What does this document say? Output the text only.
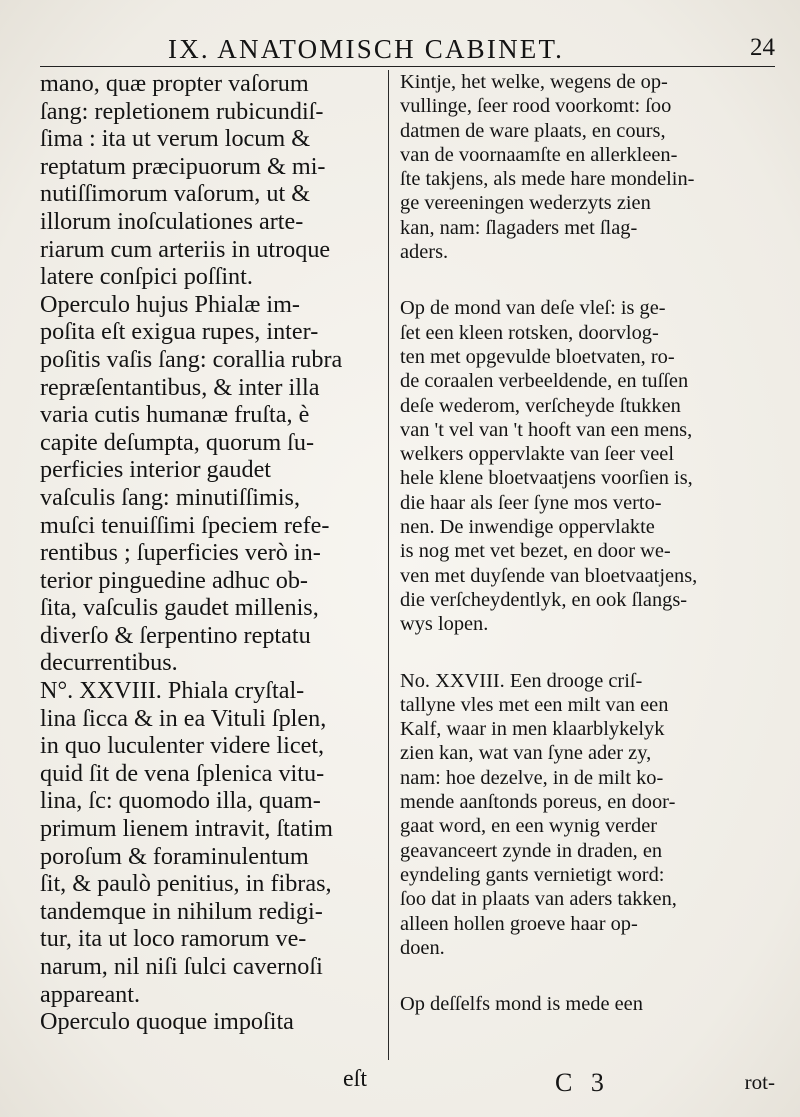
IX. ANATOMISCH CABINET.	24
mano, quæ propter vaſorum
ſang: repletionem rubicundiſ-
ſima : ita ut verum locum &
reptatum præcipuorum & mi-
nutiſſimorum vaſorum, ut &
illorum inoſculationes arte-
riarum cum arteriis in utroque
latere conſpici poſſint.
Operculo hujus Phialæ im-
poſita eſt exigua rupes, inter-
poſitis vaſis ſang: corallia rubra
repræſentantibus, & inter illa
varia cutis humanæ fruſta, è
capite deſumpta, quorum ſu-
perficies interior gaudet
vaſculis ſang: minutiſſimis,
muſci tenuiſſimi ſpeciem refe-
rentibus ; ſuperficies verò in-
terior pinguedine adhuc ob-
ſita, vaſculis gaudet millenis,
diverſo & ſerpentino reptatu
decurrentibus.
N°. XXVIII. Phiala cryſtal-
lina ſicca & in ea Vituli ſplen,
in quo luculenter videre licet,
quid ſit de vena ſplenica vitu-
lina, ſc: quomodo illa, quam-
primum lienem intravit, ſtatim
poroſum & foraminulentum
ſit, & paulò penitius, in fibras,
tandemque in nihilum redigi-
tur, ita ut loco ramorum ve-
narum, nil niſi ſulci cavernoſi
appareant.
Operculo quoque impoſita
Kintje, het welke, wegens de op-
vullinge, ſeer rood voorkomt: ſoo
datmen de ware plaats, en cours,
van de voornaamſte en allerkleen-
ſte takjens, als mede hare mondelin-
ge vereeningen wederzyts zien
kan, nam: ſlagaders met ſlag-
aders.
Op de mond van deſe vleſ: is ge-
ſet een kleen rotsken, doorvlog-
ten met opgevulde bloetvaten, ro-
de coraalen verbeeldende, en tuſſen
deſe wederom, verſcheyde ſtukken
van 't vel van 't hooft van een mens,
welkers oppervlakte van ſeer veel
hele klene bloetvaatjens voorſien is,
die haar als ſeer ſyne mos verto-
nen. De inwendige oppervlakte
is nog met vet bezet, en door we-
ven met duyſende van bloetvaatjens,
die verſcheydentlyk, en ook ſlangs-
wys lopen.
No. XXVIII. Een drooge criſ-
tallyne vles met een milt van een
Kalf, waar in men klaarblykelyk
zien kan, wat van ſyne ader zy,
nam: hoe dezelve, in de milt ko-
mende aanſtonds poreus, en door-
gaat word, en een wynig verder
geavanceert zynde in draden, en
eyndeling gants vernietigt word:
ſoo dat in plaats van aders takken,
alleen hollen groeve haar op-
doen.
Op deſſelfs mond is mede een
eſt	C 3	rot-
